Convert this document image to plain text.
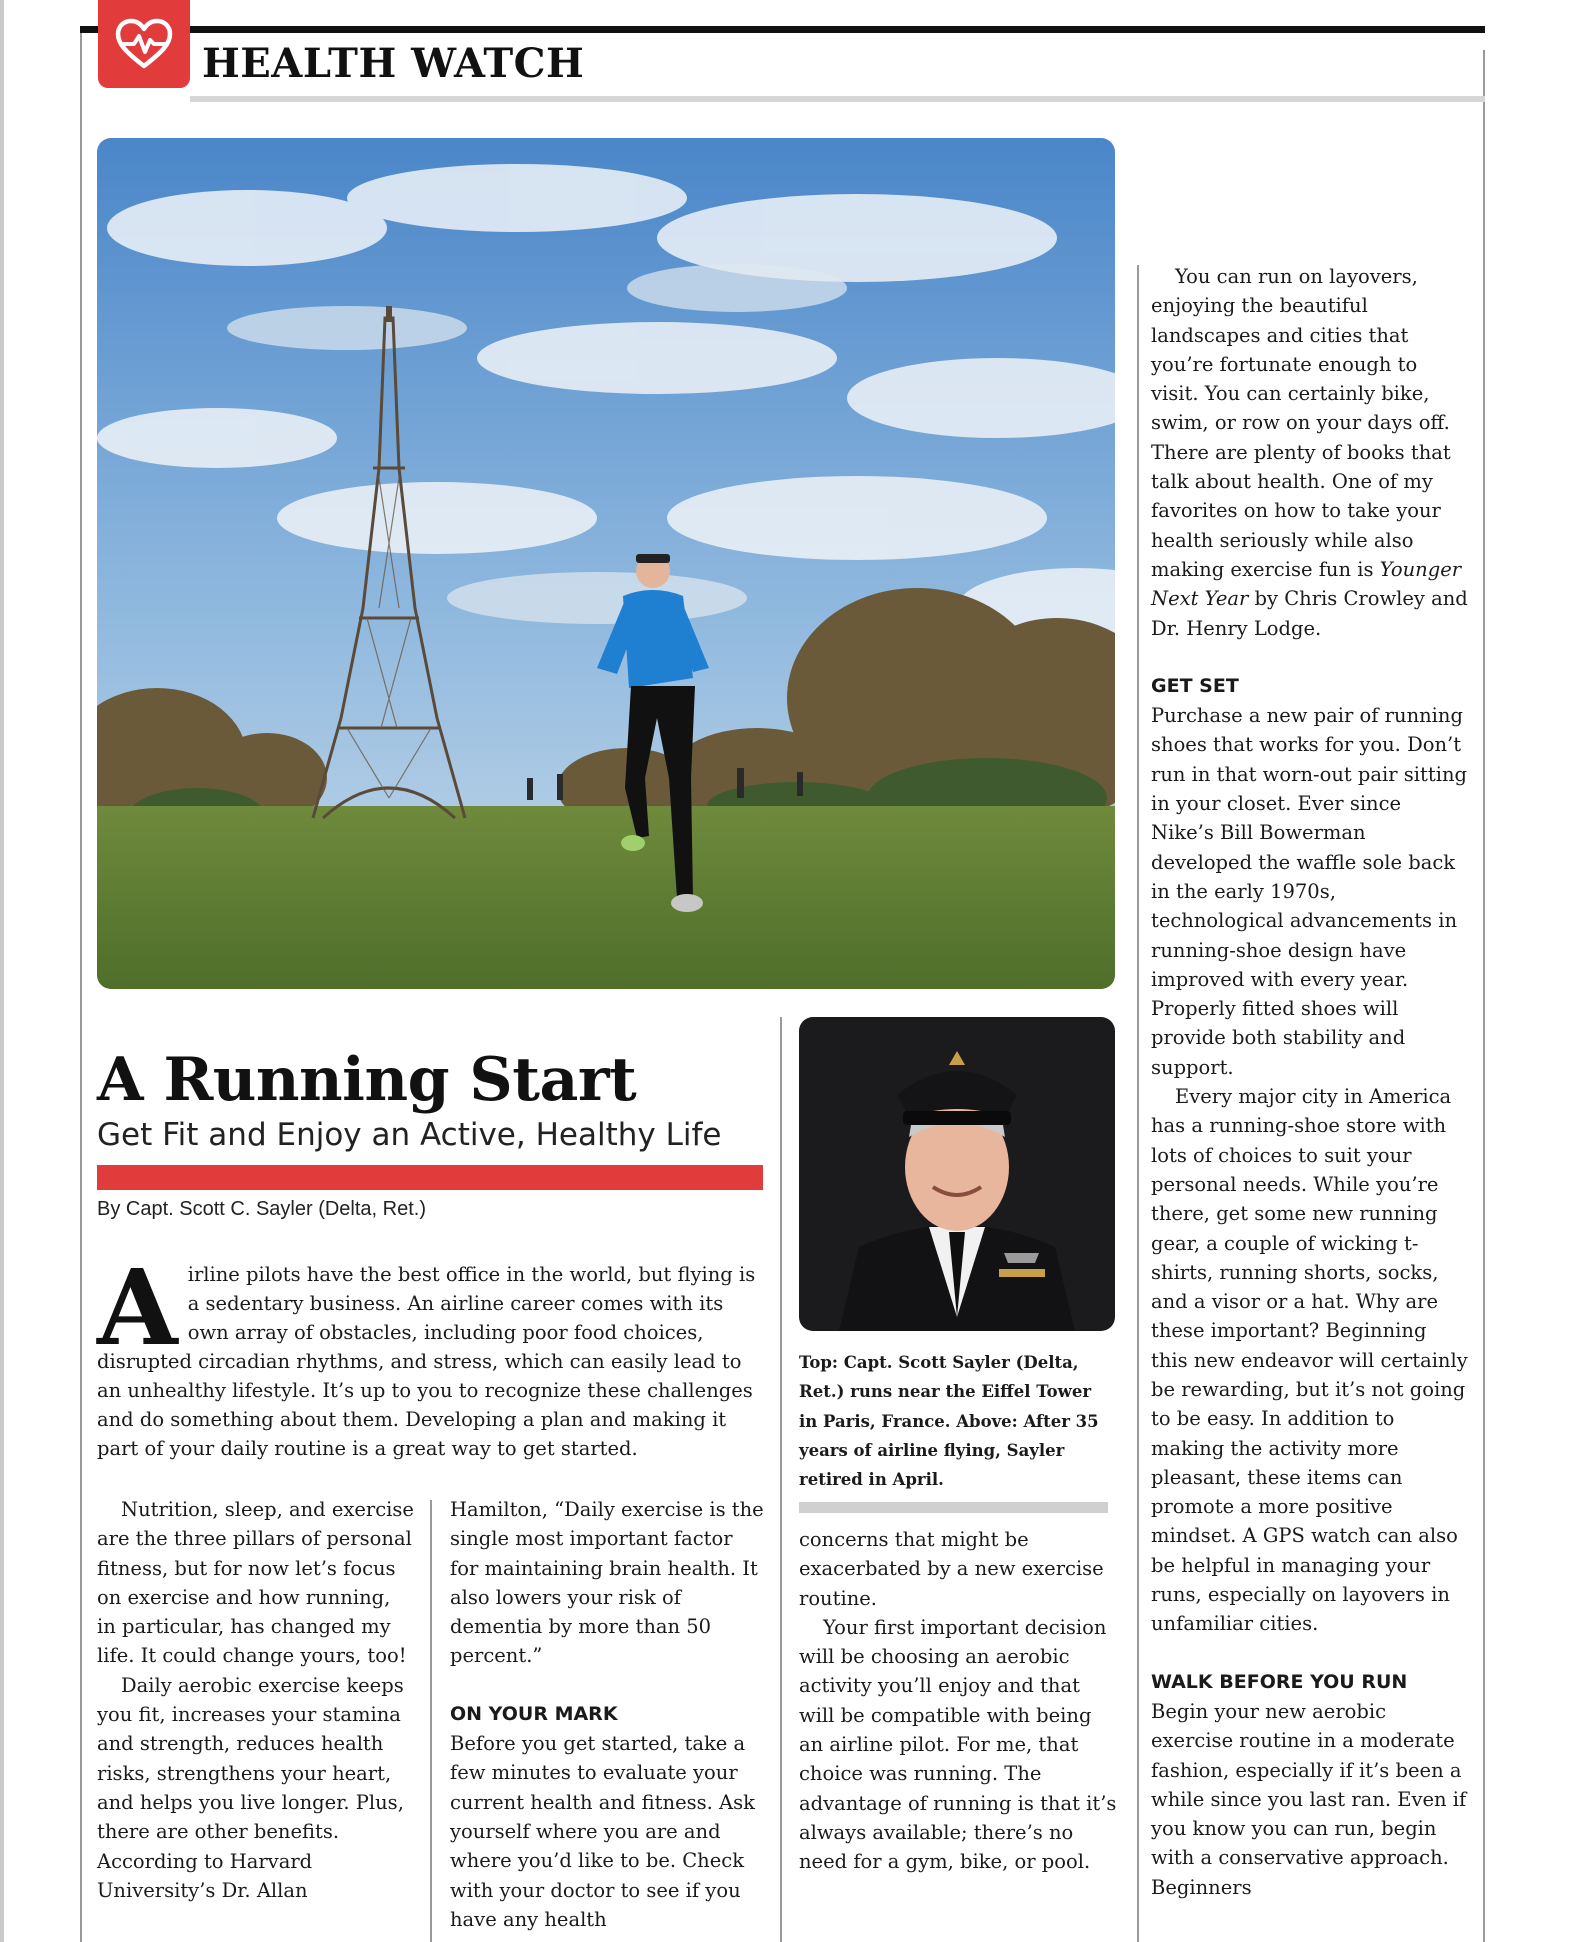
HEALTH WATCH
A Running Start
Get Fit and Enjoy an Active, Healthy Life
By Capt. Scott C. Sayler (Delta, Ret.)
Airline pilots have the best office in the world, but flying is a sedentary business. An airline career comes with its own array of obstacles, including poor food choices, disrupted circadian rhythms, and stress, which can easily lead to an unhealthy lifestyle. It’s up to you to recognize these challenges and do something about them. Developing a plan and making it part of your daily routine is a great way to get started.

Nutrition, sleep, and exercise are the three pillars of personal fitness, but for now let’s focus on exercise and how running, in particular, has changed my life. It could change yours, too!

Daily aerobic exercise keeps you fit, increases your stamina and strength, reduces health risks, strengthens your heart, and helps you live longer. Plus, there are other benefits. According to Harvard University’s Dr. Allan

Hamilton, “Daily exercise is the single most important factor for maintaining brain health. It also lowers your risk of dementia by more than 50 percent.”

ON YOUR MARK

Before you get started, take a few minutes to evaluate your current health and fitness. Ask yourself where you are and where you’d like to be. Check with your doctor to see if you have any health

Top: Capt. Scott Sayler (Delta, Ret.) runs near the Eiffel Tower in Paris, France. Above: After 35 years of airline flying, Sayler retired in April.

concerns that might be exacerbated by a new exercise routine.

Your first important decision will be choosing an aerobic activity you’ll enjoy and that will be compatible with being an airline pilot. For me, that choice was running. The advantage of running is that it’s always available; there’s no need for a gym, bike, or pool.

You can run on layovers, enjoying the beautiful landscapes and cities that you’re fortunate enough to visit. You can certainly bike, swim, or row on your days off. There are plenty of books that talk about health. One of my favorites on how to take your health seriously while also making exercise fun is Younger Next Year by Chris Crowley and Dr. Henry Lodge.

GET SET

Purchase a new pair of running shoes that works for you. Don’t run in that worn-out pair sitting in your closet. Ever since Nike’s Bill Bowerman developed the waffle sole back in the early 1970s, technological advancements in running-shoe design have improved with every year. Properly fitted shoes will provide both stability and support.

Every major city in America has a running-shoe store with lots of choices to suit your personal needs. While you’re there, get some new running gear, a couple of wicking t-shirts, running shorts, socks, and a visor or a hat. Why are these important? Beginning this new endeavor will certainly be rewarding, but it’s not going to be easy. In addition to making the activity more pleasant, these items can promote a more positive mindset. A GPS watch can also be helpful in managing your runs, especially on layovers in unfamiliar cities.

WALK BEFORE YOU RUN

Begin your new aerobic exercise routine in a moderate fashion, especially if it’s been a while since you last ran. Even if you know you can run, begin with a conservative approach. Beginners
